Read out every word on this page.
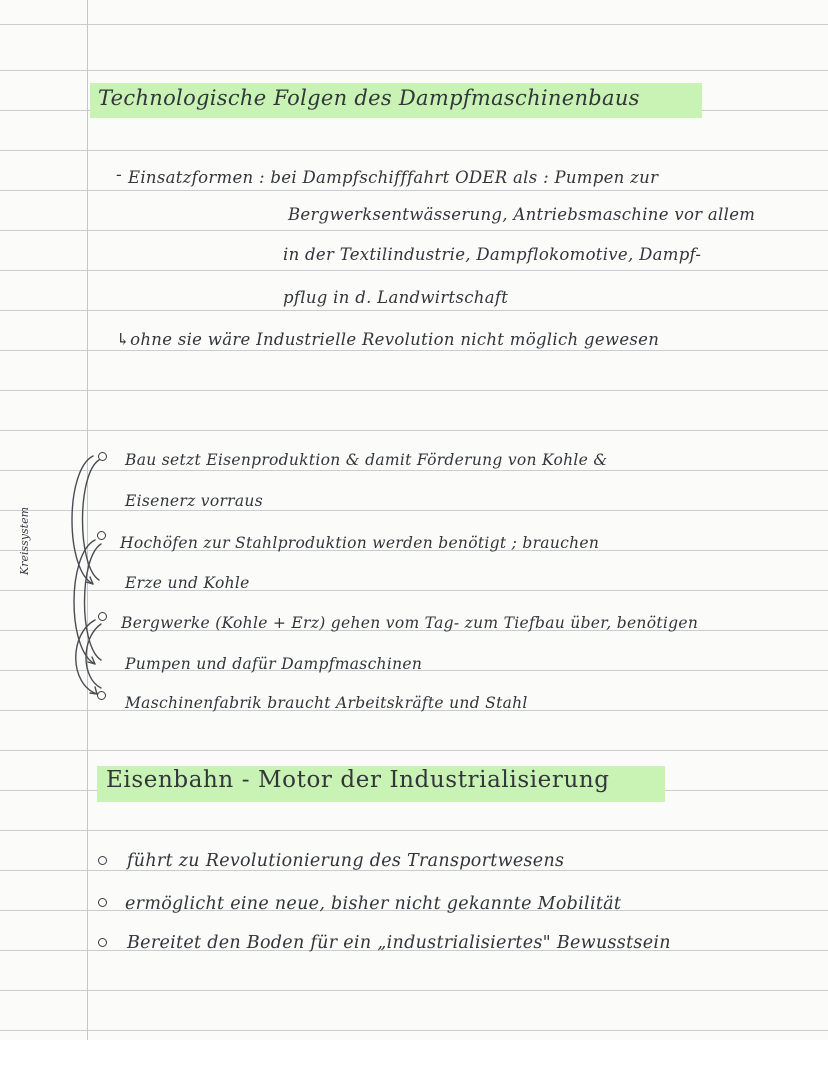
Technologische Folgen des Dampfmaschinenbaus

- Einsatzformen : bei Dampfschifffahrt ODER als : Pumpen zur

Bergwerksentwässerung, Antriebsmaschine vor allem

in der Textilindustrie, Dampflokomotive, Dampf-

pflug in d. Landwirtschaft

↳ohne sie wäre Industrielle Revolution nicht möglich gewesen

Kreissystem

Bau setzt Eisenproduktion & damit Förderung von Kohle &

Eisenerz vorraus

Hochöfen zur Stahlproduktion werden benötigt ; brauchen

Erze und Kohle

Bergwerke (Kohle + Erz) gehen vom Tag- zum Tiefbau über, benötigen

Pumpen und dafür Dampfmaschinen

Maschinenfabrik braucht Arbeitskräfte und Stahl

Eisenbahn - Motor der Industrialisierung

führt zu Revolutionierung des Transportwesens

ermöglicht eine neue, bisher nicht gekannte Mobilität

Bereitet den Boden für ein „industrialisiertes" Bewusstsein
